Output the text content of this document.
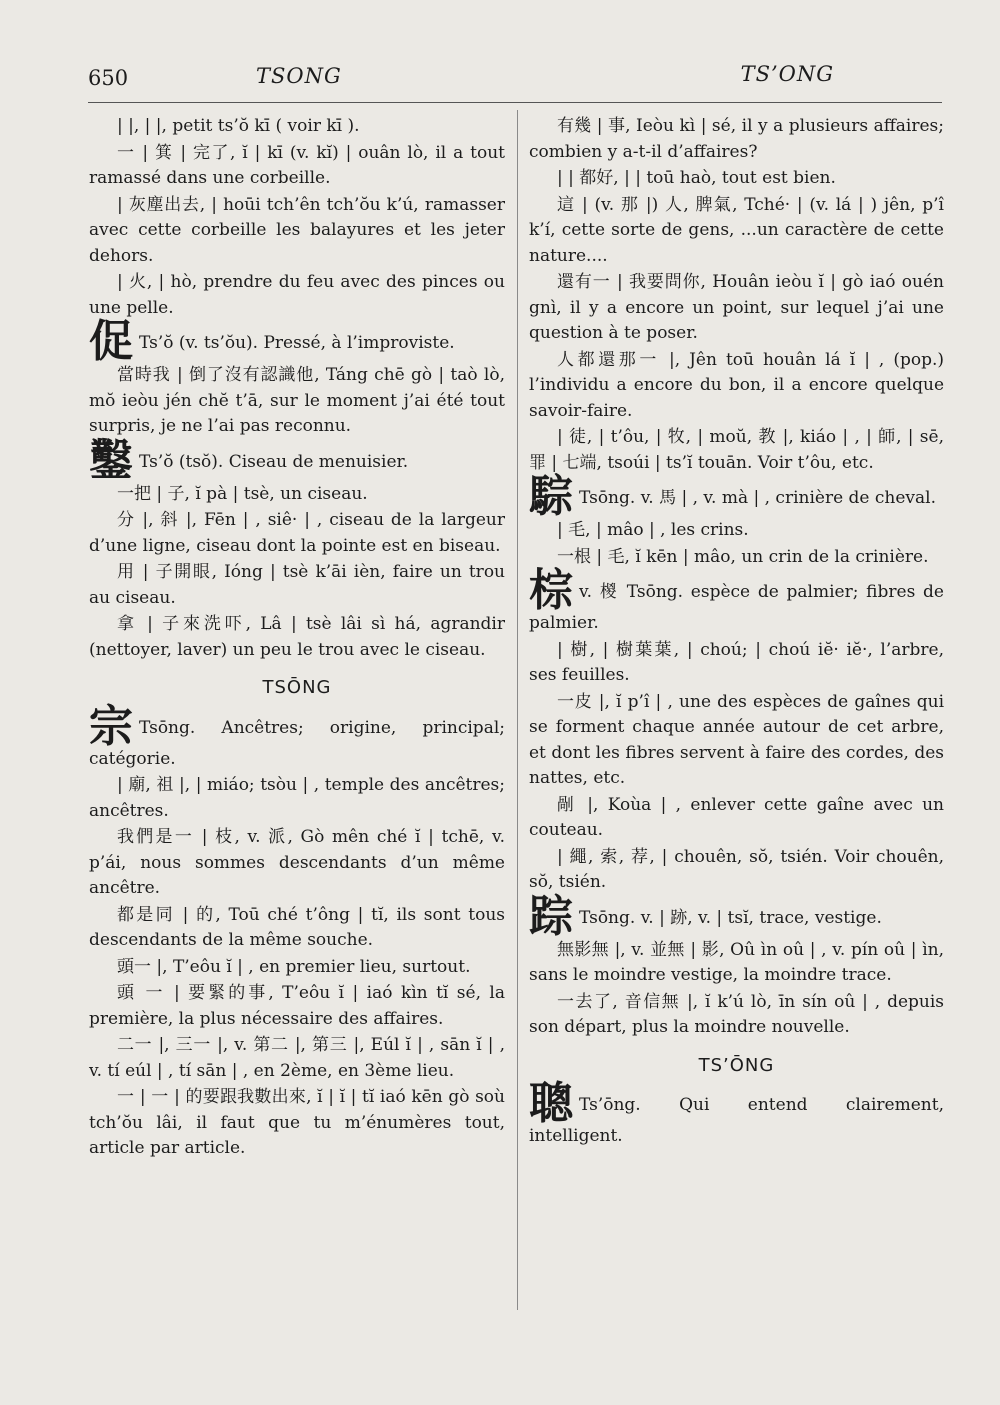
650	TSONG	TS’ONG
| |, | |, petit ts’ŏ kī ( voir kī ).
一 | 箕 | 完了, ĭ | kī (v. kĭ) | ouân lò, il a tout ramassé dans une corbeille.
| 灰塵出去, | hoūi tch’ên tch’ŏu k’ú, ramasser avec cette corbeille les balayures et les jeter dehors.
| 火, | hò, prendre du feu avec des pinces ou une pelle.
促 Ts’ŏ (v. ts’ŏu). Pressé, à l’improviste.
當時我 | 倒了沒有認識他, Táng chē gò | taò lò, mŏ ieòu jén chĕ t’ā, sur le moment j’ai été tout surpris, je ne l’ai pas reconnu.
鑿 Ts’ŏ (tsŏ). Ciseau de menuisier.
一把 | 子, ĭ pà | tsè, un ciseau.
分 |, 斜 |, Fēn | , siê· | , ciseau de la largeur d’une ligne, ciseau dont la pointe est en biseau.
用 | 子開眼, Ióng | tsè k’āi ièn, faire un trou au ciseau.
拿 | 子來洗吓, Lâ | tsè lâi sì há, agrandir (nettoyer, laver) un peu le trou avec le ciseau.
TSŌNG
宗 Tsōng. Ancêtres; origine, principal; catégorie.
| 廟, 祖 |, | miáo; tsòu | , temple des ancêtres; ancêtres.
我們是一 | 枝, v. 派, Gò mên ché ĭ | tchē, v. p’ái, nous sommes descendants d’un même ancêtre.
都是同 | 的, Toū ché t’ông | tĭ, ils sont tous descendants de la même souche.
頭一 |, T’eôu ĭ | , en premier lieu, surtout.
頭 一 | 要緊的事, T’eôu ĭ | iaó kìn tĭ sé, la première, la plus nécessaire des affaires.
二一 |, 三一 |, v. 第二 |, 第三 |, Eúl ĭ | , sān ĭ | , v. tí eúl | , tí sān | , en 2ème, en 3ème lieu.
一 | 一 | 的要跟我數出來, ĭ | ĭ | tĭ iaó kēn gò soù tch’ŏu lâi, il faut que tu m’énumères tout, article par article.
有幾 | 事, Ieòu kì | sé, il y a plusieurs affaires; combien y a-t-il d’affaires?
| | 都好, | | toū haò, tout est bien.
這 | (v. 那 |) 人, 脾氣, Tché· | (v. lá | ) jên, p’î k’í, cette sorte de gens, ...un caractère de cette nature....
還有一 | 我要問你, Houân ieòu ĭ | gò iaó ouén gnì, il y a encore un point, sur lequel j’ai une question à te poser.
人都還那一 |, Jên toū houân lá ĭ | , (pop.) l’individu a encore du bon, il a encore quelque savoir-faire.
| 徒, | t’ôu, | 牧, | moŭ, 教 |, kiáo | , | 師, | sē, 罪 | 七端, tsoúi | ts’ĭ touān. Voir t’ôu, etc.
騌 Tsōng. v. 馬 | , v. mà | , crinière de cheval.
| 毛, | mâo | , les crins.
一根 | 毛, ĭ kēn | mâo, un crin de la crinière.
棕v. 椶 Tsōng. espèce de palmier; fibres de palmier.
| 樹, | 樹葉葉, | choú; | choú iĕ· iĕ·, l’arbre, ses feuilles.
一皮 |, ĭ p’î | , une des espèces de gaînes qui se forment chaque année autour de cet arbre, et dont les fibres servent à faire des cordes, des nattes, etc.
剮 |, Koùa | , enlever cette gaîne avec un couteau.
| 繩, 索, 荐, | chouên, sŏ, tsién. Voir chouên, sŏ, tsién.
踪 Tsōng. v. | 跡, v. | tsĭ, trace, vestige.
無影無 |, v. 並無 | 影, Oû ìn oû | , v. pín oû | ìn, sans le moindre vestige, la moindre trace.
一去了, 音信無 |, ĭ k’ú lò, īn sín oû | , depuis son départ, plus la moindre nouvelle.
TS’ŌNG
聰 Ts’ōng. Qui entend clairement, intelligent.
